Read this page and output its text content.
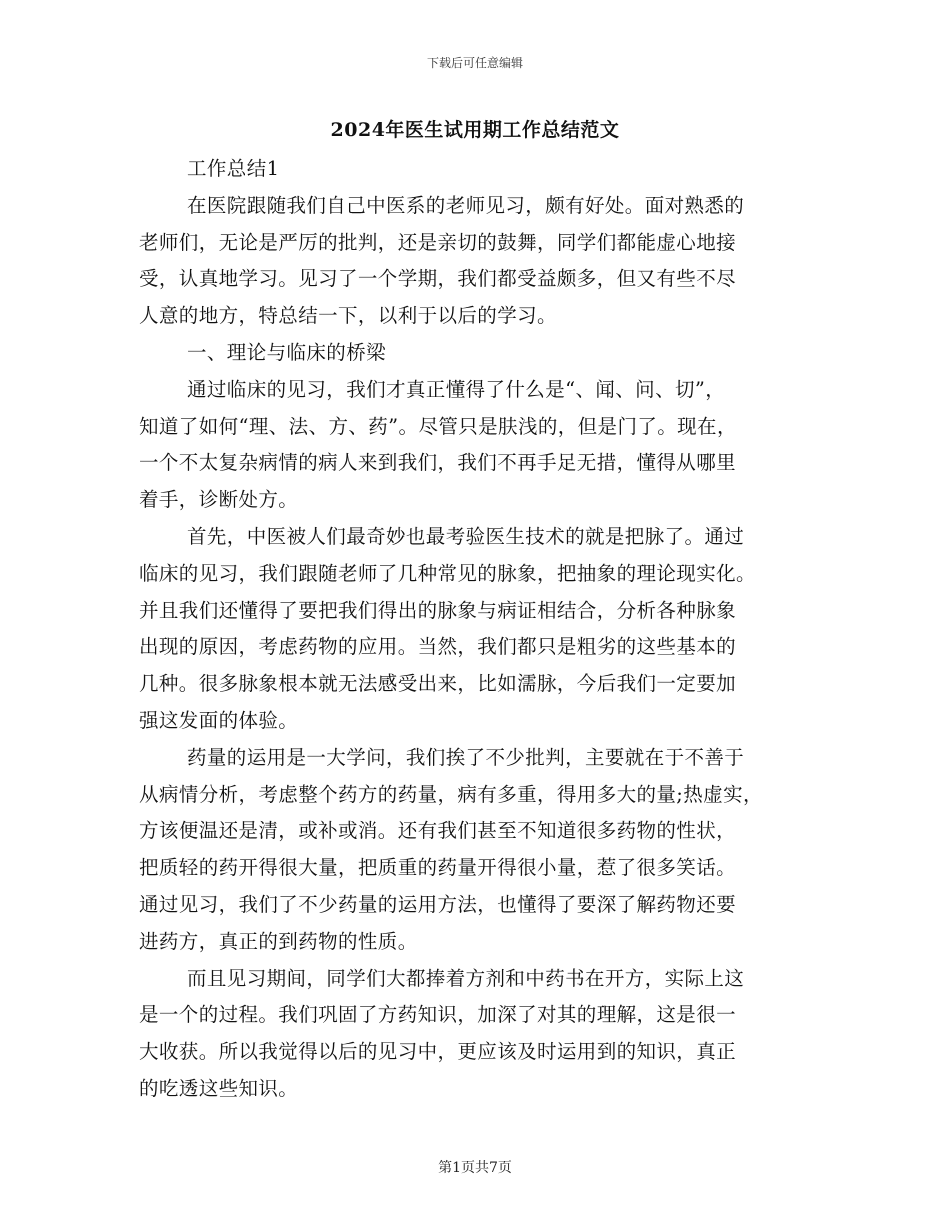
下载后可任意编辑
2024年医生试用期工作总结范文
工作总结1
在医院跟随我们自己中医系的老师见习，颇有好处。面对熟悉的
老师们，无论是严厉的批判，还是亲切的鼓舞，同学们都能虚心地接
受，认真地学习。见习了一个学期，我们都受益颇多，但又有些不尽
人意的地方，特总结一下，以利于以后的学习。
一、理论与临床的桥梁
通过临床的见习，我们才真正懂得了什么是“、闻、问、切”，
知道了如何“理、法、方、药”。尽管只是肤浅的，但是门了。现在，
一个不太复杂病情的病人来到我们，我们不再手足无措，懂得从哪里
着手，诊断处方。
首先，中医被人们最奇妙也最考验医生技术的就是把脉了。通过
临床的见习，我们跟随老师了几种常见的脉象，把抽象的理论现实化。
并且我们还懂得了要把我们得出的脉象与病证相结合，分析各种脉象
出现的原因，考虑药物的应用。当然，我们都只是粗劣的这些基本的
几种。很多脉象根本就无法感受出来，比如濡脉，今后我们一定要加
强这发面的体验。
药量的运用是一大学问，我们挨了不少批判，主要就在于不善于
从病情分析，考虑整个药方的药量，病有多重，得用多大的量;热虚实，
方该便温还是清，或补或消。还有我们甚至不知道很多药物的性状，
把质轻的药开得很大量，把质重的药量开得很小量，惹了很多笑话。
通过见习，我们了不少药量的运用方法，也懂得了要深了解药物还要
进药方，真正的到药物的性质。
而且见习期间，同学们大都捧着方剂和中药书在开方，实际上这
是一个的过程。我们巩固了方药知识，加深了对其的理解，这是很一
大收获。所以我觉得以后的见习中，更应该及时运用到的知识，真正
的吃透这些知识。
第1页共7页
